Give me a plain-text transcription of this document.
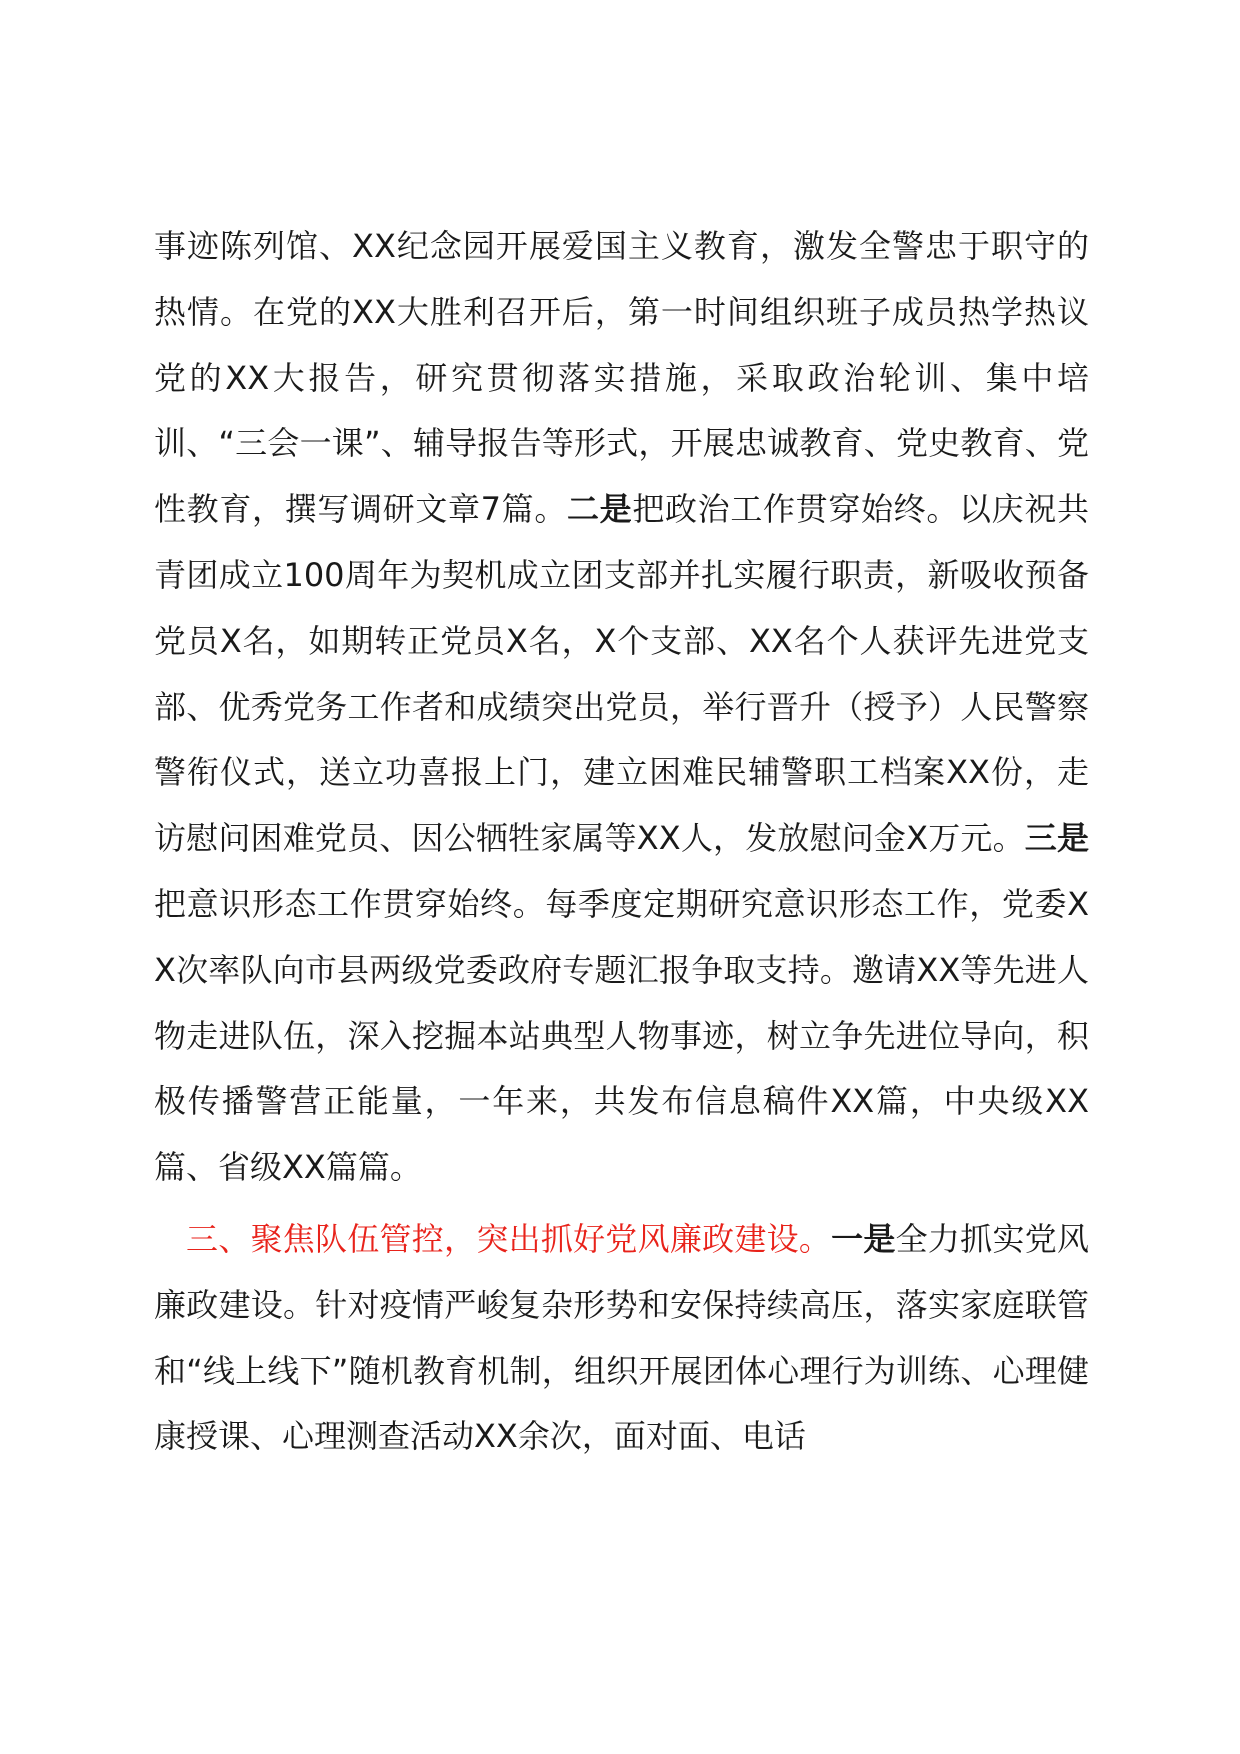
事迹陈列馆、XX纪念园开展爱国主义教育，激发全警忠于职守的热情。在党的XX大胜利召开后，第一时间组织班子成员热学热议党的XX大报告，研究贯彻落实措施，采取政治轮训、集中培训、“三会一课”、辅导报告等形式，开展忠诚教育、党史教育、党性教育，撰写调研文章7篇。二是把政治工作贯穿始终。以庆祝共青团成立100周年为契机成立团支部并扎实履行职责，新吸收预备党员X名，如期转正党员X名，X个支部、XX名个人获评先进党支部、优秀党务工作者和成绩突出党员，举行晋升（授予）人民警察警衔仪式，送立功喜报上门，建立困难民辅警职工档案XX份，走访慰问困难党员、因公牺牲家属等XX人，发放慰问金X万元。三是把意识形态工作贯穿始终。每季度定期研究意识形态工作，党委XX次率队向市县两级党委政府专题汇报争取支持。邀请XX等先进人物走进队伍，深入挖掘本站典型人物事迹，树立争先进位导向，积极传播警营正能量，一年来，共发布信息稿件XX篇，中央级XX篇、省级XX篇篇。

三、聚焦队伍管控，突出抓好党风廉政建设。一是全力抓实党风廉政建设。针对疫情严峻复杂形势和安保持续高压，落实家庭联管和“线上线下”随机教育机制，组织开展团体心理行为训练、心理健康授课、心理测查活动XX余次，面对面、电话
